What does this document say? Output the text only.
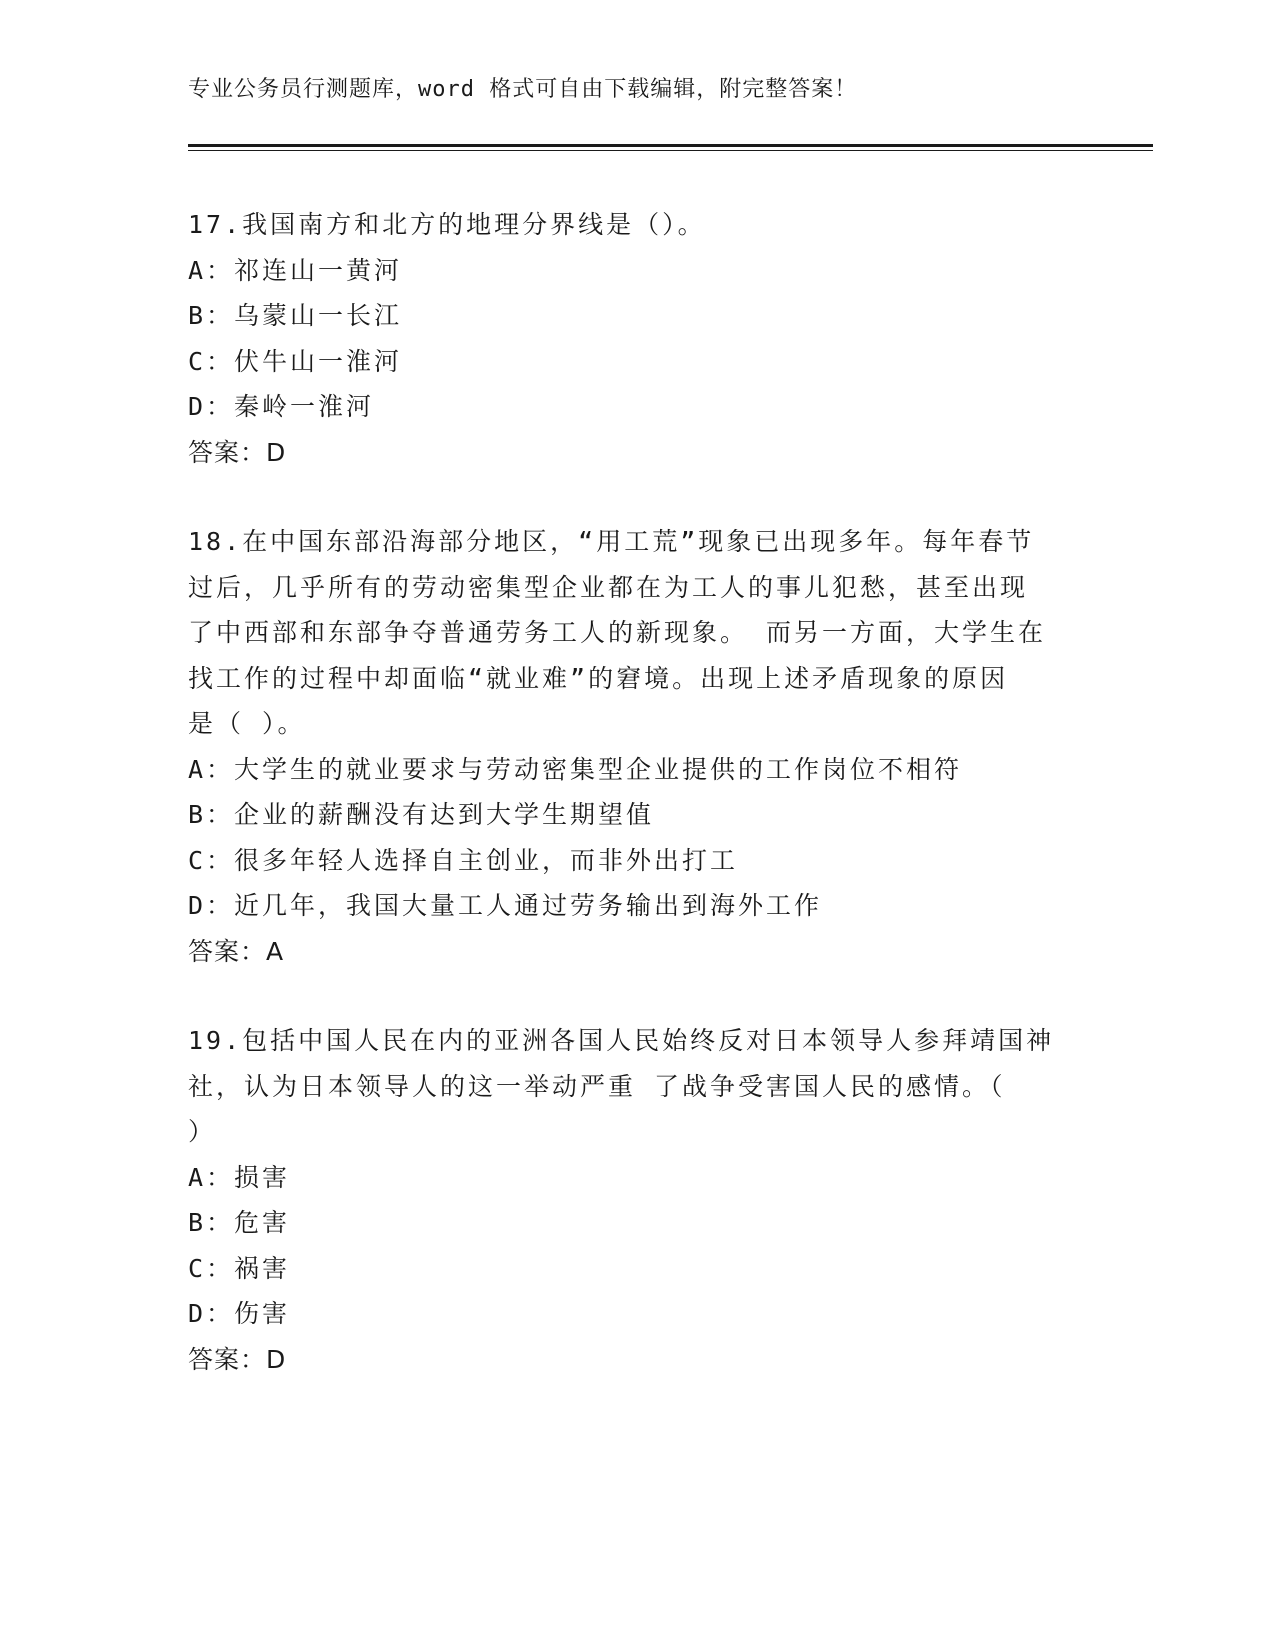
专业公务员行测题库，word 格式可自由下载编辑，附完整答案！
17.我国南方和北方的地理分界线是（）。
A：祁连山一黄河
B：乌蒙山一长江
C：伏牛山一淮河
D：秦岭一淮河
答案：D
18.在中国东部沿海部分地区，“用工荒”现象已出现多年。每年春节
过后，几乎所有的劳动密集型企业都在为工人的事儿犯愁，甚至出现
了中西部和东部争夺普通劳务工人的新现象。 而另一方面，大学生在
找工作的过程中却面临“就业难”的窘境。出现上述矛盾现象的原因
是（ ）。
A：大学生的就业要求与劳动密集型企业提供的工作岗位不相符
B：企业的薪酬没有达到大学生期望值
C：很多年轻人选择自主创业，而非外出打工
D：近几年，我国大量工人通过劳务输出到海外工作
答案：A
19.包括中国人民在内的亚洲各国人民始终反对日本领导人参拜靖国神
社，认为日本领导人的这一举动严重 了战争受害国人民的感情。（
）
A：损害
B：危害
C：祸害
D：伤害
答案：D
